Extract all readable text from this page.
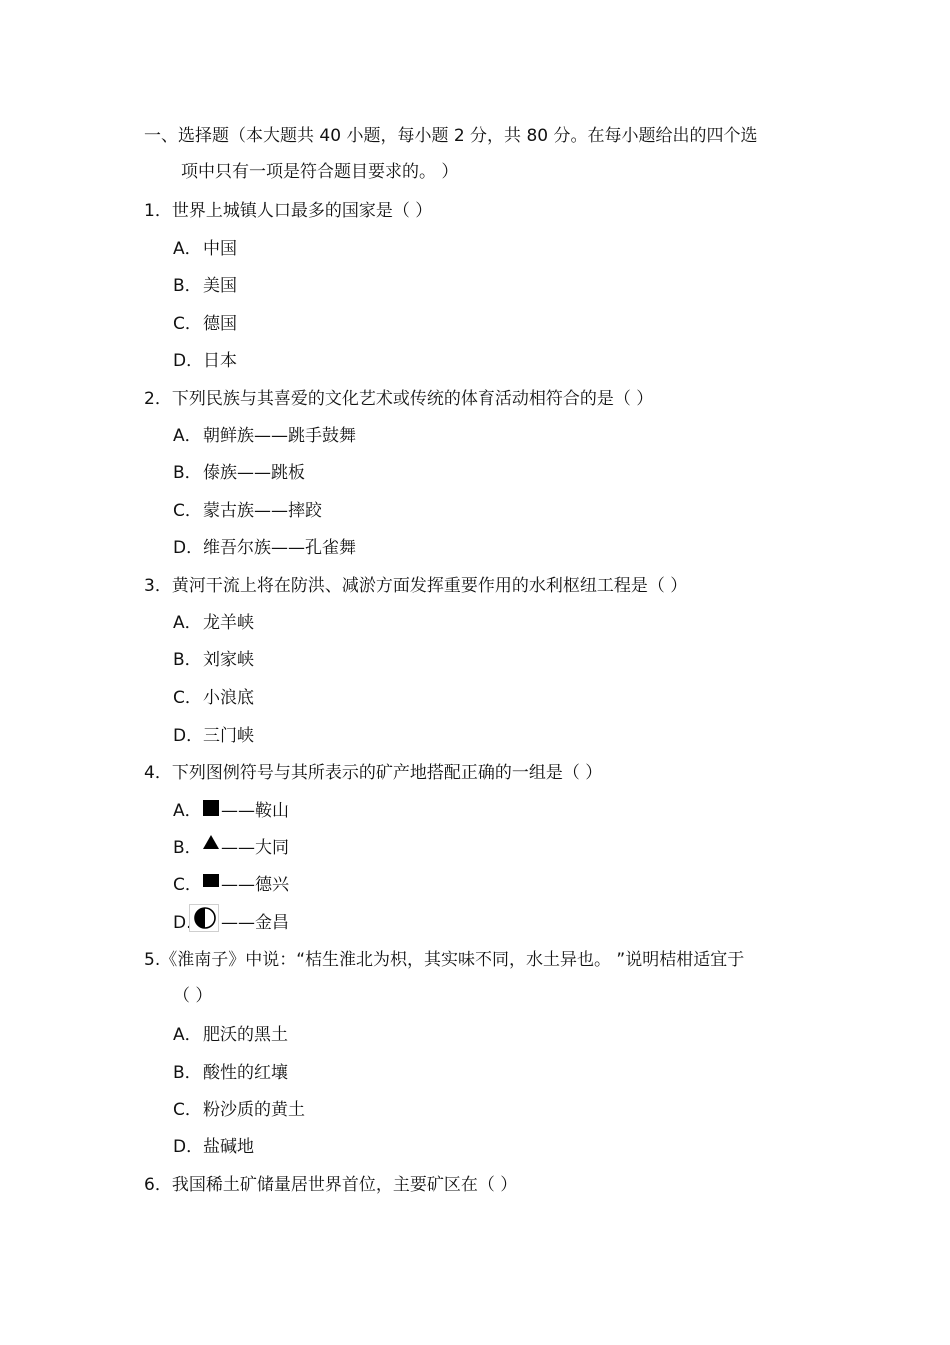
一、选择题（本大题共 40 小题，每小题 2 分，共 80 分。在每小题给出的四个选
项中只有一项是符合题目要求的。 ）
1．世界上城镇人口最多的国家是（ ）
A．中国
B．美国
C．德国
D．日本
2．下列民族与其喜爱的文化艺术或传统的体育活动相符合的是（ ）
A．朝鲜族——跳手鼓舞
B．傣族——跳板
C．蒙古族——摔跤
D．维吾尔族——孔雀舞
3．黄河干流上将在防洪、减淤方面发挥重要作用的水利枢纽工程是（ ）
A．龙羊峡
B．刘家峡
C．小浪底
D．三门峡
4．下列图例符号与其所表示的矿产地搭配正确的一组是（ ）
A． ——鞍山
B． ——大同
C． ——德兴
D. ——金昌
5.《淮南子》中说：“桔生淮北为枳，其实味不同，水土异也。 ”说明桔柑适宜于
（ ）
A．肥沃的黑土
B．酸性的红壤
C．粉沙质的黄土
D．盐碱地
6．我国稀土矿储量居世界首位，主要矿区在（ ）
